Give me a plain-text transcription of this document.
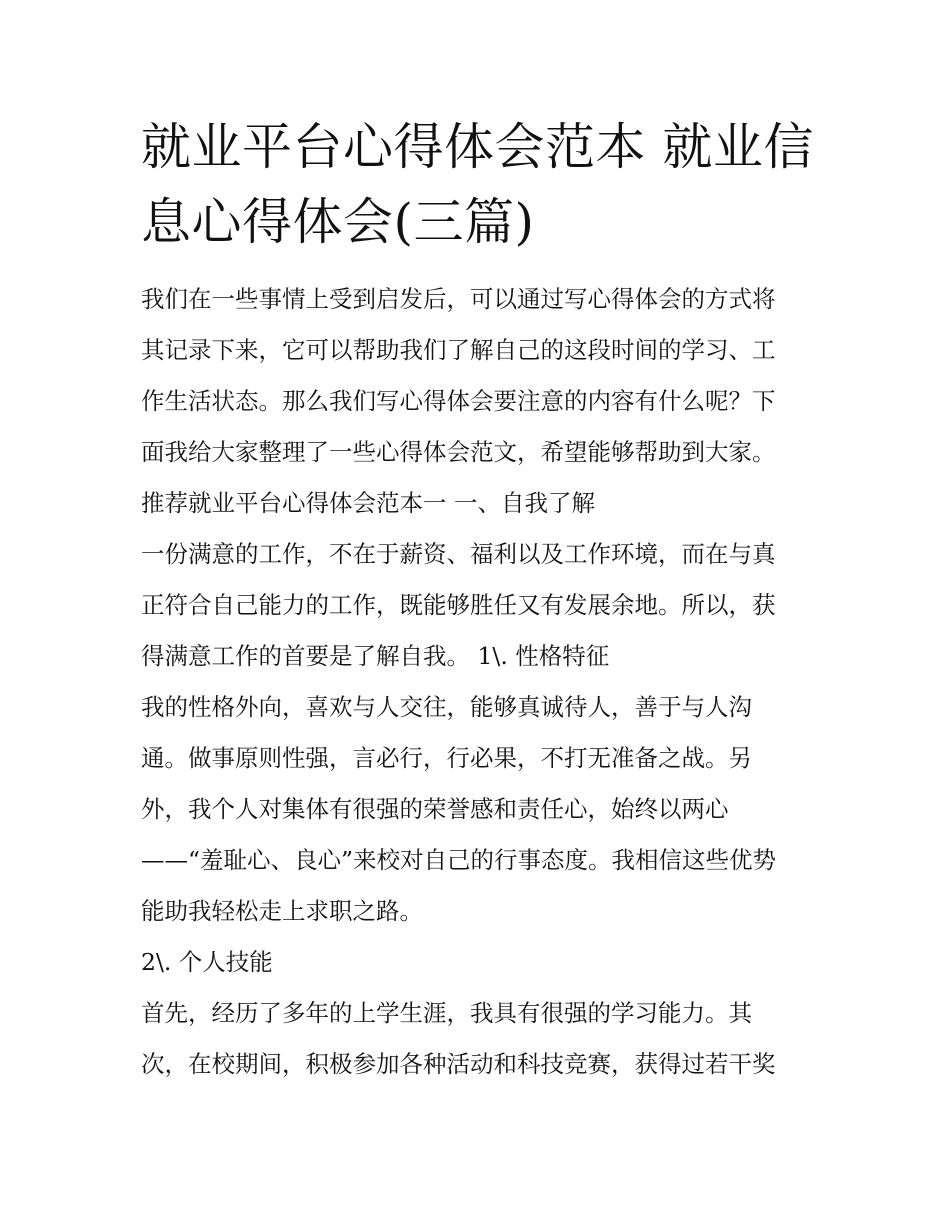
就业平台心得体会范本 就业信
息心得体会(三篇)
我们在一些事情上受到启发后，可以通过写心得体会的方式将
其记录下来，它可以帮助我们了解自己的这段时间的学习、工
作生活状态。那么我们写心得体会要注意的内容有什么呢？下
面我给大家整理了一些心得体会范文，希望能够帮助到大家。
推荐就业平台心得体会范本一 一、自我了解
一份满意的工作，不在于薪资、福利以及工作环境，而在与真
正符合自己能力的工作，既能够胜任又有发展余地。所以，获
得满意工作的首要是了解自我。 1\. 性格特征
我的性格外向，喜欢与人交往，能够真诚待人，善于与人沟
通。做事原则性强，言必行，行必果，不打无准备之战。另
外，我个人对集体有很强的荣誉感和责任心，始终以两心
——“羞耻心、良心”来校对自己的行事态度。我相信这些优势
能助我轻松走上求职之路。
2\. 个人技能
首先，经历了多年的上学生涯，我具有很强的学习能力。其
次，在校期间，积极参加各种活动和科技竞赛，获得过若干奖
